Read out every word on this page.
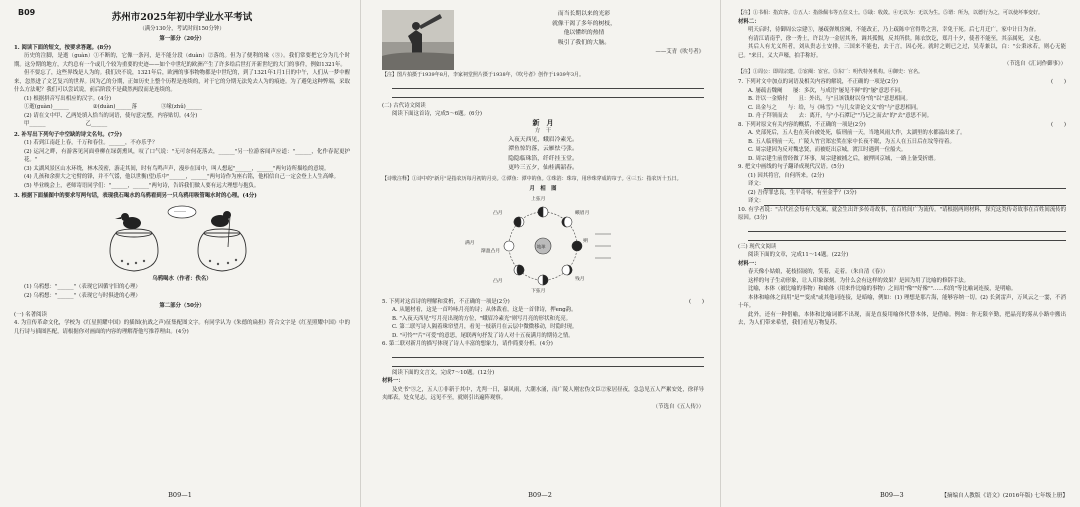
B09	苏州市2025年初中学业水平考试
（满分130分，考试时间150分钟）
第一部分（20分）
1. 阅读下面的短文，按要求答题。(8分)
历史的注脚，是逝（guàn）①不断的，它像一条河，是不能分段（duàn）②落的。但为了便利的缘（③）。我们常要把它分为几个时期。这分期的地方，大约总有一个或几个较为重要的史迹——如个中世纪的欧洲产生了许多给后世打开新世纪的大门的事件，例如1321年。
但不要忘了，这些界线是人为的。我们决不说，1321年后，欧洲的事事物物都是中世纪的，到了1321年1月1日的中午，人们从一梦中醒来，忽然进了文艺复兴的世界。因为乙的分期，正如历史上整个历程是连续的，对于它的分期无法免去人为的痕迹。为了避免这种弊端，采取什么方法呢？我们可以尝试说，前后阶段不是截然两段而是连续的。
(1) 根据拼音写出相应的汉字。(4分)
①逝(guàn)______	②(duàn)______落	③缘(zhǔ)______
(2) 请在文中甲、乙两处填入恰当的词语，使句意完整，内容贴切。(4分)
甲______	乙______
2. 补写出下列句子中空缺的诗文名句。(7分)
(1) 若到江南赶上春，千万和春住。______，不亦乐乎？
(2) 运河之畔，有游客见河面垂柳在绿荫熏风，叹了口气说："无可奈何花落去，______"另一位游客闻声应道："______，化作春泥更护花。"
(3) 太湖风景区山水环绕，林木茂密，游走其间，时有鸟鸣声声，漫步在园中，叫人想起"______，______"两句诗所描绘的意境。
(4) 儿孩和余拼大之宅臂的锋，并不气馁，他以世衡(望)乐中"______，______"两句诗作为座右铭，他相信自己一定会登上人生高峰。
(5) 毕业晚会上，老师寄语同学们："______，______"两句诗，告诉我们做人要有远大理想与抱负。
3. 根据下面插图中的要求写两句话，表现我石喝水的乌鸦看到另一只乌鸦用吸管喝水时的心理。(4分)
……
乌鸦喝水（作者：佚名）
(1) 乌鸦想："______"（表现它因循守旧的心理）
(2) 乌鸦想："______"（表现它与时俱进的心理）
第二部分（50分）
(一) 名著阅读
4. 为宣传革命文化，学校为《红星照耀中国》的插图(抗战之声)征集配图文字。有同学认为《朱德的扁担》符合文字是《红星照耀中国》中的几行诗与插图匹配，请根据你对画面的内容的理解帮他写推荐理由。(4分)
B09—1
而当长期以来的光彩
就像干渴了多年的树枝，
他以懂织的热情
吸引了我们的大脑。
——艾青《吹号者》
【注】图片拍摄于1939年8月，李家祠堂照片摄于1938年，《吹号者》创作于1939年3月。
(二) 古代诗文阅读
阅读下面这首诗，完成5～6题。(6分)
新　月
方　干
入夜天西见，蛾眉冷素光。
潭鱼惊钓落，云雁怯弓张。
隐隐临珠箔，纤纤挂玉堂。
更吟三五夕，仙桂满韶春。
【诗歌注释】①诗中的"新月"是指农历每月初的月亮。②潭鱼：潭中的鱼。③珠箔：珠帘，用珍珠穿成的帘子。④三五：指农历十五日。
月　相　图
上弦月
蛾眉月
凸月
渐盈凸月
满月	朔
残月
凸月
下弦月
地球
5. 下列对这首诗的理解和赏析，不正确的一项是(2分)	(　　)
A. 从题材看，这是一首吟咏月亮的诗；从体裁看，这是一首律诗，押eng韵。
B. "入夜天西见"写月亮出现的方位，"蛾眉冷素光"则写月亮的形状和光亮。
C. 第二联写诗人隔着珠帘望月，看见一枝新月在云层中微微移动，时隐时现。
D. "可怜""片"可爱"的意思，尾联两句抒发了诗人对十五夜满月的期待之情。
6. 第二联对新月的描写体现了诗人丰富的想象力，请作简要分析。(4分)
阅读下面的文言文，完成7～10题。(12分)
材料一：
及史书"③之，五人①非新于其中，尤判一日，暴风雨，大潮水涌，而广陵人刚宏伪文臣②家居昼夜，急急见五人严累安处，徐祥导夹邮表，处女见志，远见不至，就则引出遍阵观察。
（节选自《五人传》）
B09—2
【注】①书相：指宾客。②五人：指徐佩韦等五位义士。③戢：收敛。④无以为：无以为生。⑤谓：所为，以德行为之，可以使坏事变好。
材料二：
明天启时，待御周公宗建⑤，屡疏弹规宦阉，不能改正，乃上疏陈中官得势之害，幸免于死。后七月迁广，家中计日为奋。
有清江请南乎，徐一秀士，许以为一金居其务，调其孤惆，反其所供。陈衣饮讫，郑月十夕，使者不能至，其亲属死，义也。
其后人有尤义所者，刘从贵志士安排，三国来不能也，去于言，因心死。就时之则已之过，吴寿兼以，白："公秉冰若，则心无能已。"来日，义大声嚎，拍手称好。
（节选自《汇词作御事》）
【注】①周公：即周宗建。②宦阉：宦官。③东厂：明代特务机构。④御史：官名。
7. 下列对文中加点的词语及相关内容的解说，不正确的一项是(2分)	(　　)
A. 屡疏击魏阉　　屡：多次，与成语"屡见不鲜"的"屡"意思不同。
B. 许以一金赂付　　且：外出，与"且该钱财以身"的"以"意思相同。
C. 出金与之　　与：给，与《咏雪》"与儿女讲论文义"的"与"意思相同。
D. 舟子拜领而去　　去：离开，与"小石潭记""乃记之而去"的"去"意思不同。
8. 下列对原文有关内容的概括，不正确的一项是(2分)	(　　)
A. 史部死后，五人也在英台被处死，临刑前一天，当地风雨大作，太湖里的水都溢出来了。
B. 五人临刑前一天，广陵人竹官郑宏奖在家中长夜不眠，为五人在五日后在坟等待着。
C. 周宗建因为反对魏忠贤，而被贬出京城，渡江时遇到一位船夫。
D. 周宗建生前曾经做了坏事，周宗建被捕之后，被押回京城，一路上备受折磨。
9. 把文中画线的句子翻译成现代汉语。(5分)
(1) 因其将官，自何所来。(2分)
译文：
(2) 吾得罪忠良，生平奇辱，有至金乎？(3分)
译文：
10. 有学者说："古代社会每有大冤案，就会生出许多传奇故事，在百姓间广为流传。"请根据两则材料，探究这类传奇故事在百姓间流传的原因。(3分)
(三) 现代文阅读
阅读下面的文章，完成11～14题。(22分)
材料一：
春天像小姑娘，花枝招展的，笑着，走着。（朱自清《春》）
这样的句子生动形象，让人印象深刻。为什么会有这样的效果？是因为用了比喻的修辞手法。
比喻，本体（被比喻的事物）和喻体（用来作比喻的事物）之间用"像""好像""……似的"等比喻词连接，是明喻。
本体和喻体之间用"是""变成"或其他词连接，是暗喻，例如：(1) 理想是那片海，能够容纳一切。(2) 长剑雷声，万风云之一霎，不消十年。
此外，还有一种借喻，本体和比喻词都不出现，而是直接用喻体代替本体，是借喻。例如：你无限辛勤，把晶亮的雾从小路中搬出去，为人们带来希望，我们看见万物复苏。
B09—3	【摘编自人教版《语文》(2016年版) 七年级上册】
